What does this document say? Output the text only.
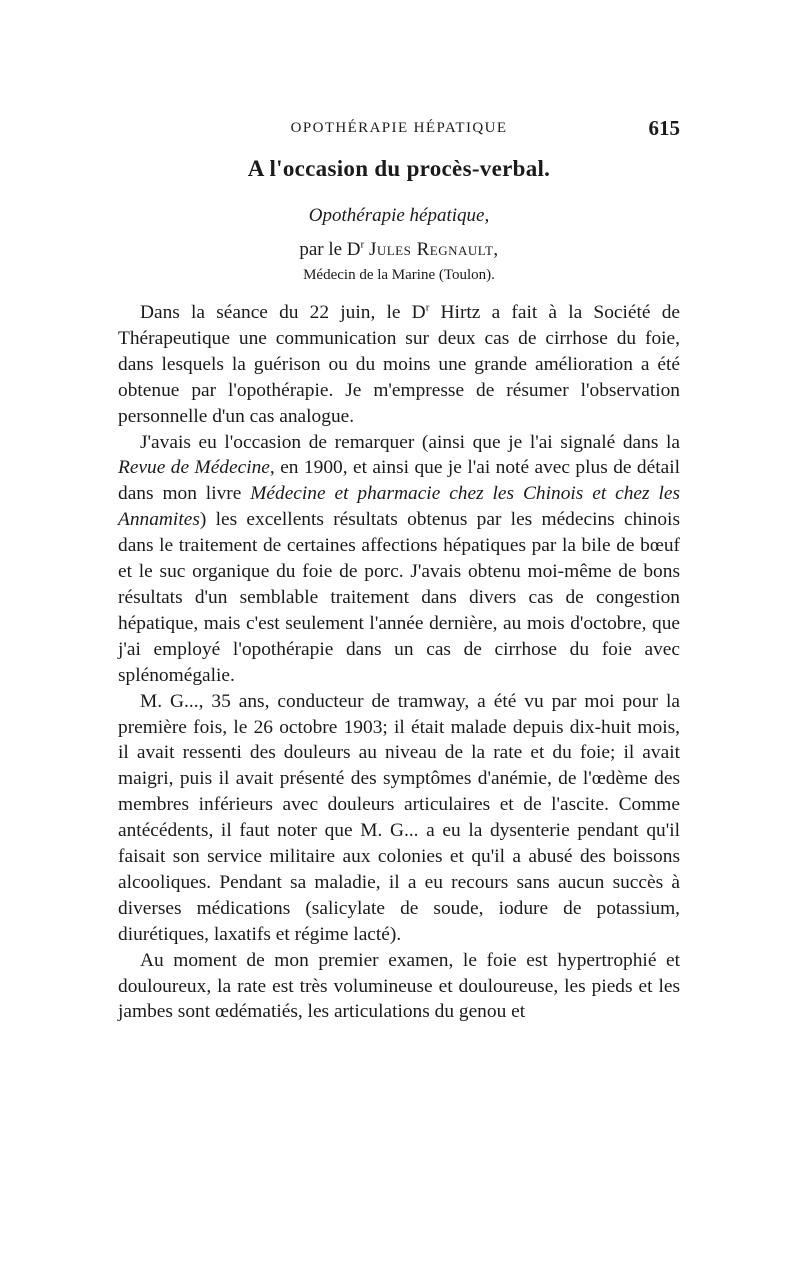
OPOTHÉRAPIE HÉPATIQUE	615
A l'occasion du procès-verbal.
Opothérapie hépatique,
par le $D^r$ Jules Regnault,
Médecin de la Marine (Toulon).

Dans la séance du 22 juin, le $D^r$ Hirtz a fait à la Société de Thérapeutique une communication sur deux cas de cirrhose du foie, dans lesquels la guérison ou du moins une grande amélioration a été obtenue par l'opothérapie. Je m'empresse de résumer l'observation personnelle d'un cas analogue.

J'avais eu l'occasion de remarquer (ainsi que je l'ai signalé dans la Revue de Médecine, en 1900, et ainsi que je l'ai noté avec plus de détail dans mon livre Médecine et pharmacie chez les Chinois et chez les Annamites) les excellents résultats obtenus par les médecins chinois dans le traitement de certaines affections hépatiques par la bile de bœuf et le suc organique du foie de porc. J'avais obtenu moi-même de bons résultats d'un semblable traitement dans divers cas de congestion hépatique, mais c'est seulement l'année dernière, au mois d'octobre, que j'ai employé l'opothérapie dans un cas de cirrhose du foie avec splénomégalie.

M. G..., 35 ans, conducteur de tramway, a été vu par moi pour la première fois, le 26 octobre 1903; il était malade depuis dix-huit mois, il avait ressenti des douleurs au niveau de la rate et du foie; il avait maigri, puis il avait présenté des symptômes d'anémie, de l'œdème des membres inférieurs avec douleurs articulaires et de l'ascite. Comme antécédents, il faut noter que M. G... a eu la dysenterie pendant qu'il faisait son service militaire aux colonies et qu'il a abusé des boissons alcooliques. Pendant sa maladie, il a eu recours sans aucun succès à diverses médications (salicylate de soude, iodure de potassium, diurétiques, laxatifs et régime lacté).

Au moment de mon premier examen, le foie est hypertrophié et douloureux, la rate est très volumineuse et douloureuse, les pieds et les jambes sont œdématiés, les articulations du genou et
